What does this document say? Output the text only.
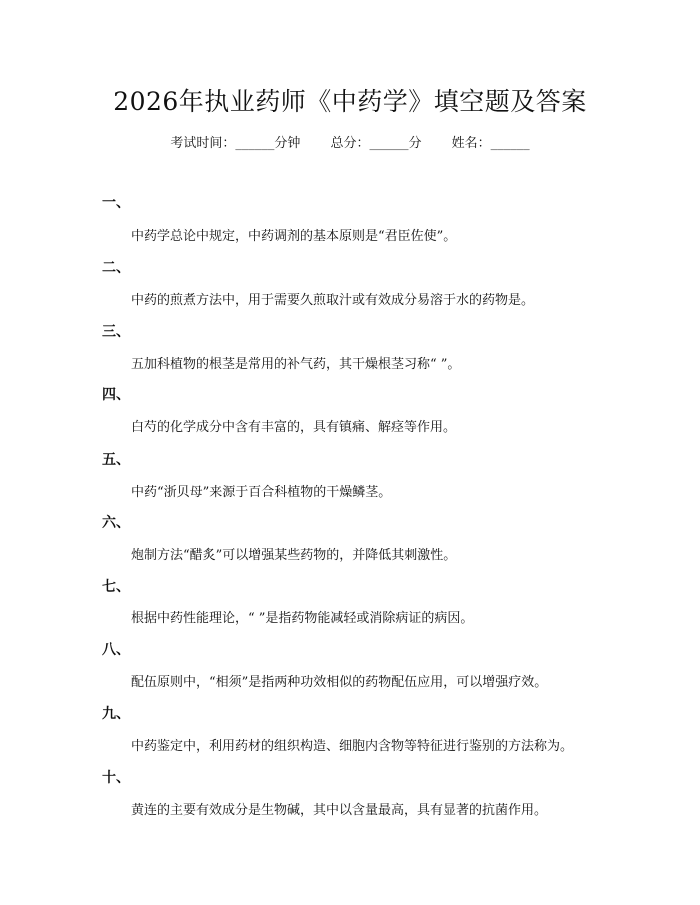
2026年执业药师《中药学》填空题及答案
考试时间：______分钟 总分：______分 姓名：______
一、
中药学总论中规定，中药调剂的基本原则是“君臣佐使”。
二、
中药的煎煮方法中，用于需要久煎取汁或有效成分易溶于水的药物是。
三、
五加科植物的根茎是常用的补气药，其干燥根茎习称“ ”。
四、
白芍的化学成分中含有丰富的，具有镇痛、解痉等作用。
五、
中药“浙贝母”来源于百合科植物的干燥鳞茎。
六、
炮制方法“醋炙”可以增强某些药物的，并降低其刺激性。
七、
根据中药性能理论，“ ”是指药物能减轻或消除病证的病因。
八、
配伍原则中，“相须”是指两种功效相似的药物配伍应用，可以增强疗效。
九、
中药鉴定中，利用药材的组织构造、细胞内含物等特征进行鉴别的方法称为。
十、
黄连的主要有效成分是生物碱，其中以含量最高，具有显著的抗菌作用。
